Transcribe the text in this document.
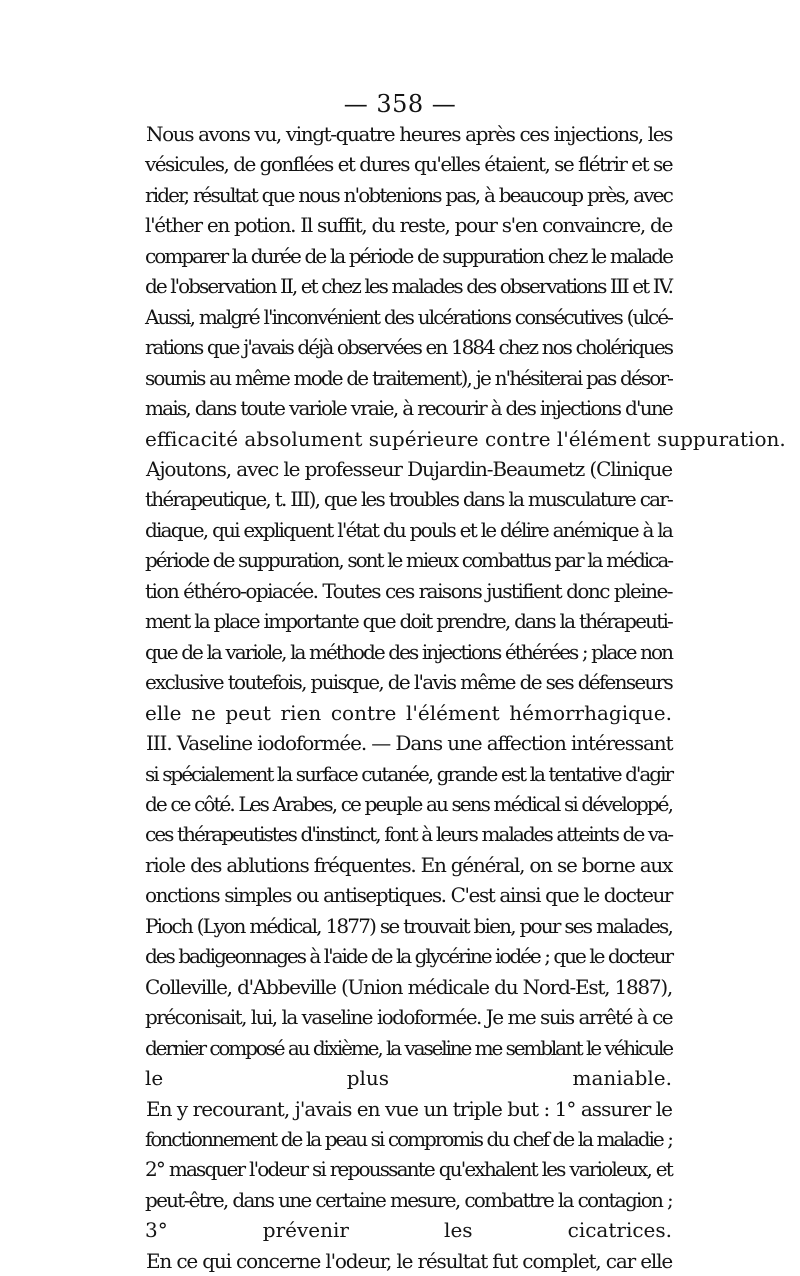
— 358 —

Nous avons vu, vingt-quatre heures après ces injections, les
vésicules, de gonflées et dures qu'elles étaient, se flétrir et se
rider, résultat que nous n'obtenions pas, à beaucoup près, avec
l'éther en potion. Il suffit, du reste, pour s'en convaincre, de
comparer la durée de la période de suppuration chez le malade
de l'observation II, et chez les malades des observations III et IV.
Aussi, malgré l'inconvénient des ulcérations consécutives (ulcé-
rations que j'avais déjà observées en 1884 chez nos cholériques
soumis au même mode de traitement), je n'hésiterai pas désor-
mais, dans toute variole vraie, à recourir à des injections d'une
efficacité absolument supérieure contre l'élément suppuration.

Ajoutons, avec le professeur Dujardin-Beaumetz (Clinique
thérapeutique, t. III), que les troubles dans la musculature car-
diaque, qui expliquent l'état du pouls et le délire anémique à la
période de suppuration, sont le mieux combattus par la médica-
tion éthéro-opiacée. Toutes ces raisons justifient donc pleine-
ment la place importante que doit prendre, dans la thérapeuti-
que de la variole, la méthode des injections éthérées ; place non
exclusive toutefois, puisque, de l'avis même de ses défenseurs
elle ne peut rien contre l'élément hémorrhagique.

III. Vaseline iodoformée. — Dans une affection intéressant
si spécialement la surface cutanée, grande est la tentative d'agir
de ce côté. Les Arabes, ce peuple au sens médical si développé,
ces thérapeutistes d'instinct, font à leurs malades atteints de va-
riole des ablutions fréquentes. En général, on se borne aux
onctions simples ou antiseptiques. C'est ainsi que le docteur
Pioch (Lyon médical, 1877) se trouvait bien, pour ses malades,
des badigeonnages à l'aide de la glycérine iodée ; que le docteur
Colleville, d'Abbeville (Union médicale du Nord-Est, 1887),
préconisait, lui, la vaseline iodoformée. Je me suis arrêté à ce
dernier composé au dixième, la vaseline me semblant le véhicule
le plus maniable.

En y recourant, j'avais en vue un triple but : 1° assurer le
fonctionnement de la peau si compromis du chef de la maladie ;
2° masquer l'odeur si repoussante qu'exhalent les varioleux, et
peut-être, dans une certaine mesure, combattre la contagion ;
3° prévenir les cicatrices.

En ce qui concerne l'odeur, le résultat fut complet, car elle
